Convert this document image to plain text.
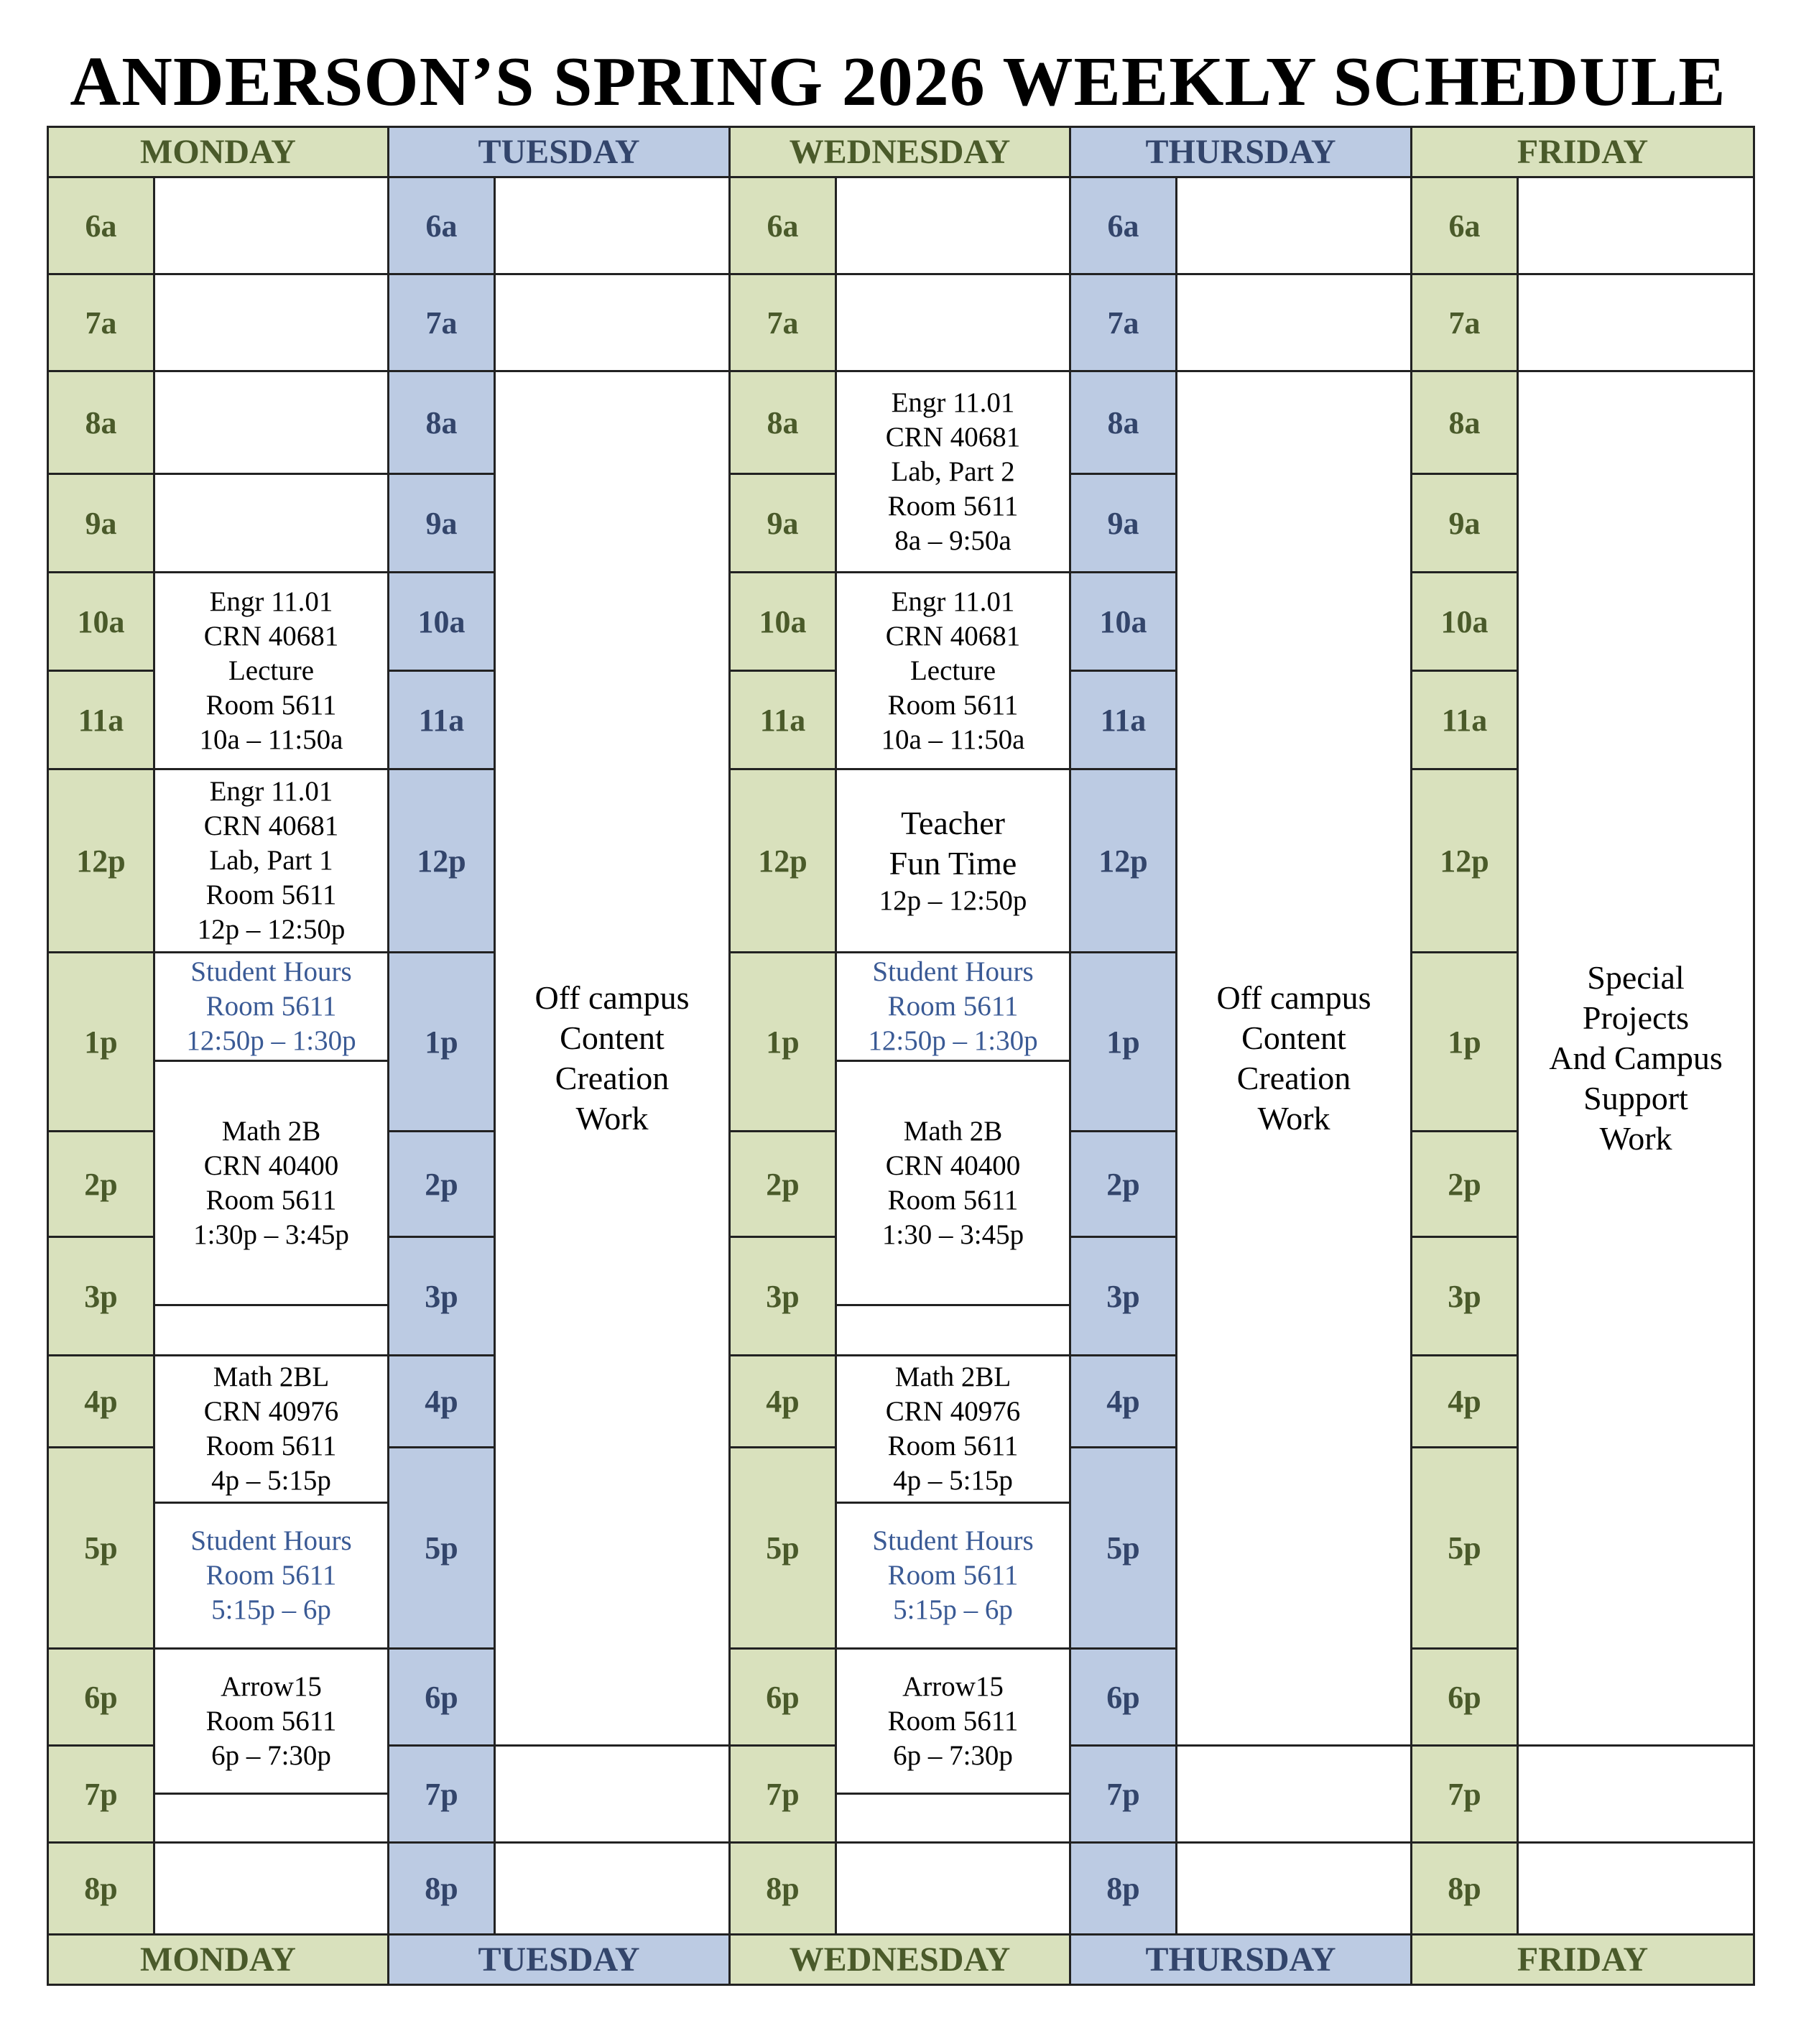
ANDERSON’S SPRING 2026 WEEKLY SCHEDULE
MONDAY
MONDAY
TUESDAY
TUESDAY
WEDNESDAY
WEDNESDAY
THURSDAY
THURSDAY
FRIDAY
FRIDAY
6a
7a
8a
9a
10a
11a
12p
1p
2p
3p
4p
5p
6p
7p
8p
6a
7a
8a
9a
10a
11a
12p
1p
2p
3p
4p
5p
6p
7p
8p
6a
7a
8a
9a
10a
11a
12p
1p
2p
3p
4p
5p
6p
7p
8p
6a
7a
8a
9a
10a
11a
12p
1p
2p
3p
4p
5p
6p
7p
8p
6a
7a
8a
9a
10a
11a
12p
1p
2p
3p
4p
5p
6p
7p
8p
Engr 11.01
CRN 40681
Lecture
Room 5611
10a – 11:50a
Engr 11.01
CRN 40681
Lab, Part 1
Room 5611
12p – 12:50p
Student Hours
Room 5611
12:50p – 1:30p
Math 2B
CRN 40400
Room 5611
1:30p – 3:45p
Math 2BL
CRN 40976
Room 5611
4p – 5:15p
Student Hours
Room 5611
5:15p – 6p
Arrow15
Room 5611
6p – 7:30p
Off campus
Content
Creation
Work
Engr 11.01
CRN 40681
Lab, Part 2
Room 5611
8a – 9:50a
Engr 11.01
CRN 40681
Lecture
Room 5611
10a – 11:50a
Teacher
Fun Time
12p – 12:50p
Student Hours
Room 5611
12:50p – 1:30p
Math 2B
CRN 40400
Room 5611
1:30 – 3:45p
Math 2BL
CRN 40976
Room 5611
4p – 5:15p
Student Hours
Room 5611
5:15p – 6p
Arrow15
Room 5611
6p – 7:30p
Off campus
Content
Creation
Work
Special
Projects
And Campus
Support
Work
